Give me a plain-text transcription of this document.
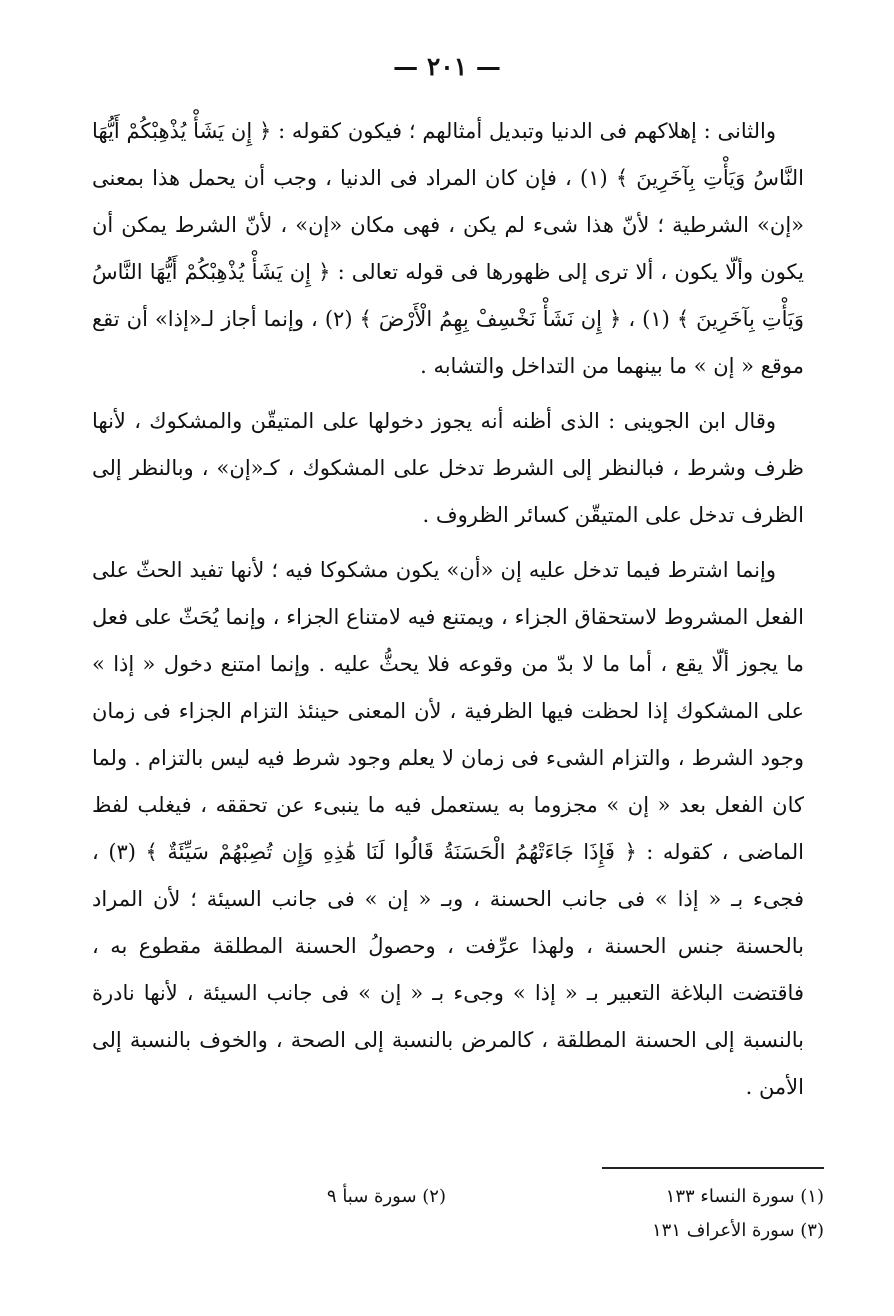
— ٢٠١ —

والثانى : إهلاكهم فى الدنيا وتبديل أمثالهم ؛ فيكون كقوله : ﴿ إِن يَشَأْ يُذْهِبْكُمْ أَيُّهَا النَّاسُ وَيَأْتِ بِآخَرِينَ ﴾ (١) ، فإن كان المراد فى الدنيا ، وجب أن يحمل هذا بمعنى «إن» الشرطية ؛ لأنّ هذا شىء لم يكن ، فهى مكان «إن» ، لأنّ الشرط يمكن أن يكون وألّا يكون ، ألا ترى إلى ظهورها فى قوله تعالى : ﴿ إِن يَشَأْ يُذْهِبْكُمْ أَيُّهَا النَّاسُ وَيَأْتِ بِآخَرِينَ ﴾ (١) ، ﴿ إِن نَشَأْ نَخْسِفْ بِهِمُ الْأَرْضَ ﴾ (٢) ، وإنما أجاز لـ«إذا» أن تقع موقع « إن » ما بينهما من التداخل والتشابه .

وقال ابن الجوينى : الذى أظنه أنه يجوز دخولها على المتيقّن والمشكوك ، لأنها ظرف وشرط ، فبالنظر إلى الشرط تدخل على المشكوك ، كـ«إن» ، وبالنظر إلى الظرف تدخل على المتيقّن كسائر الظروف .

وإنما اشترط فيما تدخل عليه إن «أن» يكون مشكوكا فيه ؛ لأنها تفيد الحثّ على الفعل المشروط لاستحقاق الجزاء ، ويمتنع فيه لامتناع الجزاء ، وإنما يُحَثّ على فعل ما يجوز ألّا يقع ، أما ما لا بدّ من وقوعه فلا يحثُّ عليه . وإنما امتنع دخول « إذا » على المشكوك إذا لحظت فيها الظرفية ، لأن المعنى حينئذ التزام الجزاء فى زمان وجود الشرط ، والتزام الشىء فى زمان لا يعلم وجود شرط فيه ليس بالتزام . ولما كان الفعل بعد « إن » مجزوما به يستعمل فيه ما ينبىء عن تحققه ، فيغلب لفظ الماضى ، كقوله : ﴿ فَإِذَا جَاءَتْهُمُ الْحَسَنَةُ قَالُوا لَنَا هَٰذِهِ وَإِن تُصِبْهُمْ سَيِّئَةٌ ﴾ (٣) ، فجىء بـ « إذا » فى جانب الحسنة ، وبـ « إن » فى جانب السيئة ؛ لأن المراد بالحسنة جنس الحسنة ، ولهذا عرِّفت ، وحصولُ الحسنة المطلقة مقطوع به ، فاقتضت البلاغة التعبير بـ « إذا » وجىء بـ « إن » فى جانب السيئة ، لأنها نادرة بالنسبة إلى الحسنة المطلقة ، كالمرض بالنسبة إلى الصحة ، والخوف بالنسبة إلى الأمن .

(١) سورة النساء ١٣٣
(٢) سورة سبأ ٩
(٣) سورة الأعراف ١٣١
